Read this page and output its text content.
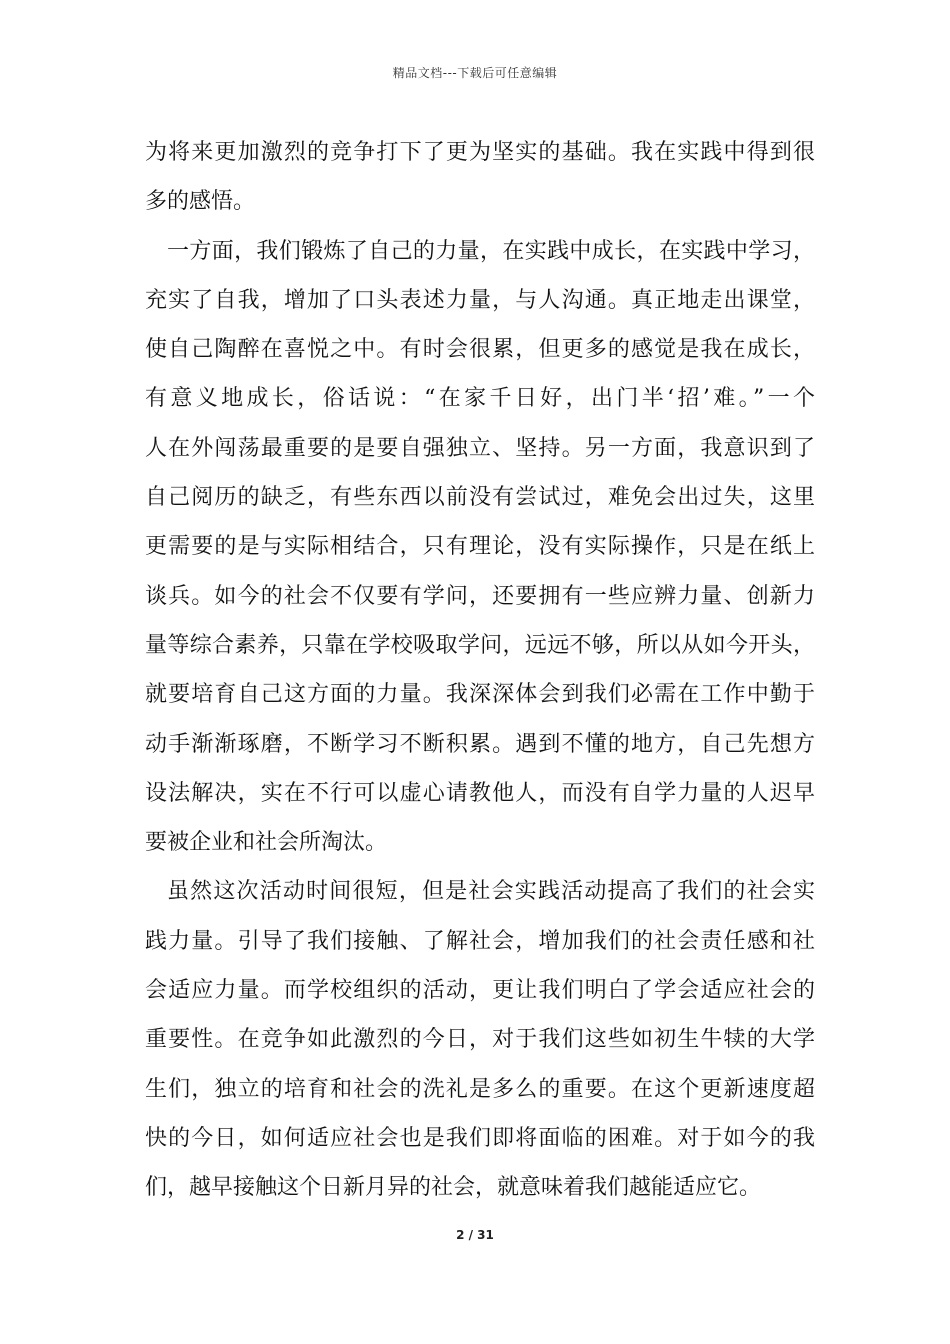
精品文档---下载后可任意编辑
为将来更加激烈的竞争打下了更为坚实的基础。我在实践中得到很
多的感悟。
一方面，我们锻炼了自己的力量，在实践中成长，在实践中学习，
充实了自我，增加了口头表述力量，与人沟通。真正地走出课堂，
使自己陶醉在喜悦之中。有时会很累，但更多的感觉是我在成长，
有意义地成长，俗话说：“在家千日好，出门半‘招’难。”一个
人在外闯荡最重要的是要自强独立、坚持。另一方面，我意识到了
自己阅历的缺乏，有些东西以前没有尝试过，难免会出过失，这里
更需要的是与实际相结合，只有理论，没有实际操作，只是在纸上
谈兵。如今的社会不仅要有学问，还要拥有一些应辨力量、创新力
量等综合素养，只靠在学校吸取学问，远远不够，所以从如今开头，
就要培育自己这方面的力量。我深深体会到我们必需在工作中勤于
动手渐渐琢磨，不断学习不断积累。遇到不懂的地方，自己先想方
设法解决，实在不行可以虚心请教他人，而没有自学力量的人迟早
要被企业和社会所淘汰。
虽然这次活动时间很短，但是社会实践活动提高了我们的社会实
践力量。引导了我们接触、了解社会，增加我们的社会责任感和社
会适应力量。而学校组织的活动，更让我们明白了学会适应社会的
重要性。在竞争如此激烈的今日，对于我们这些如初生牛犊的大学
生们，独立的培育和社会的洗礼是多么的重要。在这个更新速度超
快的今日，如何适应社会也是我们即将面临的困难。对于如今的我
们，越早接触这个日新月异的社会，就意味着我们越能适应它。
2 / 31
